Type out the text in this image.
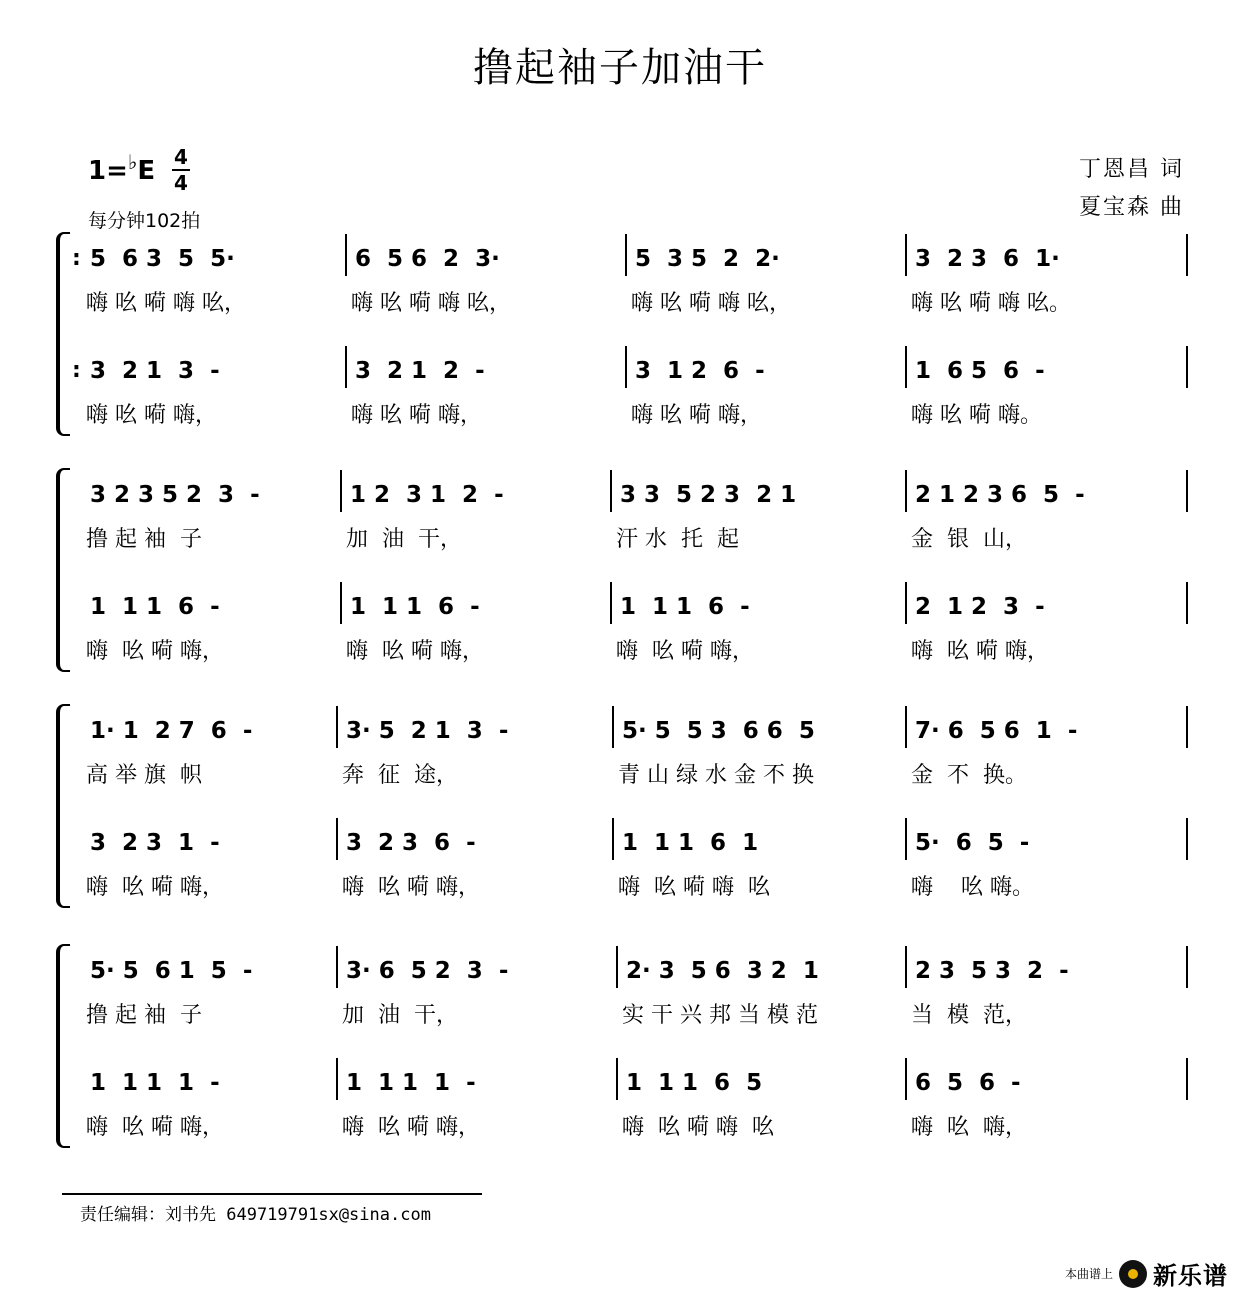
撸起袖子加油干
1=♭E 4
4
每分钟102拍
丁恩昌 词
夏宝森 曲
: 5  6 3  5  5·
嗨 吆 嗬 嗨 吆，
6  5 6  2  3·
嗨 吆 嗬 嗨 吆，
5  3 5  2  2·
嗨 吆 嗬 嗨 吆，
3  2 3  6  1·
嗨 吆 嗬 嗨 吆。
: 3  2 1  3  -
嗨 吆 嗬 嗨，
3  2 1  2  -
嗨 吆 嗬 嗨，
3  1 2  6  -
嗨 吆 嗬 嗨，
1  6 5  6  -
嗨 吆 嗬 嗨。
3 2 3 5 2  3  -
撸 起 袖  子
1 2  3 1  2  -
加  油  干，
3 3  5 2 3  2 1
汗 水  托  起
2 1 2 3 6  5  -
金  银  山，
1  1 1  6  -
嗨  吆 嗬 嗨，
1  1 1  6  -
嗨  吆 嗬 嗨，
1  1 1  6  -
嗨  吆 嗬 嗨，
2  1 2  3  -
嗨  吆 嗬 嗨，
1· 1  2 7  6  -
高 举 旗  帜
3· 5  2 1  3  -
奔  征  途，
5· 5  5 3  6 6  5
青 山 绿 水 金 不 换
7· 6  5 6  1  -
金  不  换。
3  2 3  1  -
嗨  吆 嗬 嗨，
3  2 3  6  -
嗨  吆 嗬 嗨，
1  1 1  6  1
嗨  吆 嗬 嗨  吆
5·  6  5  -
嗨    吆 嗨。
5· 5  6 1  5  -
撸 起 袖  子
3· 6  5 2  3  -
加  油  干，
2· 3  5 6  3 2  1
实 干 兴 邦 当 模 范
2 3  5 3  2  -
当  模  范，
1  1 1  1  -
嗨  吆 嗬 嗨，
1  1 1  1  -
嗨  吆 嗬 嗨，
1  1 1  6  5
嗨  吆 嗬 嗨  吆
6  5  6  -
嗨  吆  嗨，
责任编辑：刘书先 649719791sx@sina.com
本曲谱上 新乐谱
